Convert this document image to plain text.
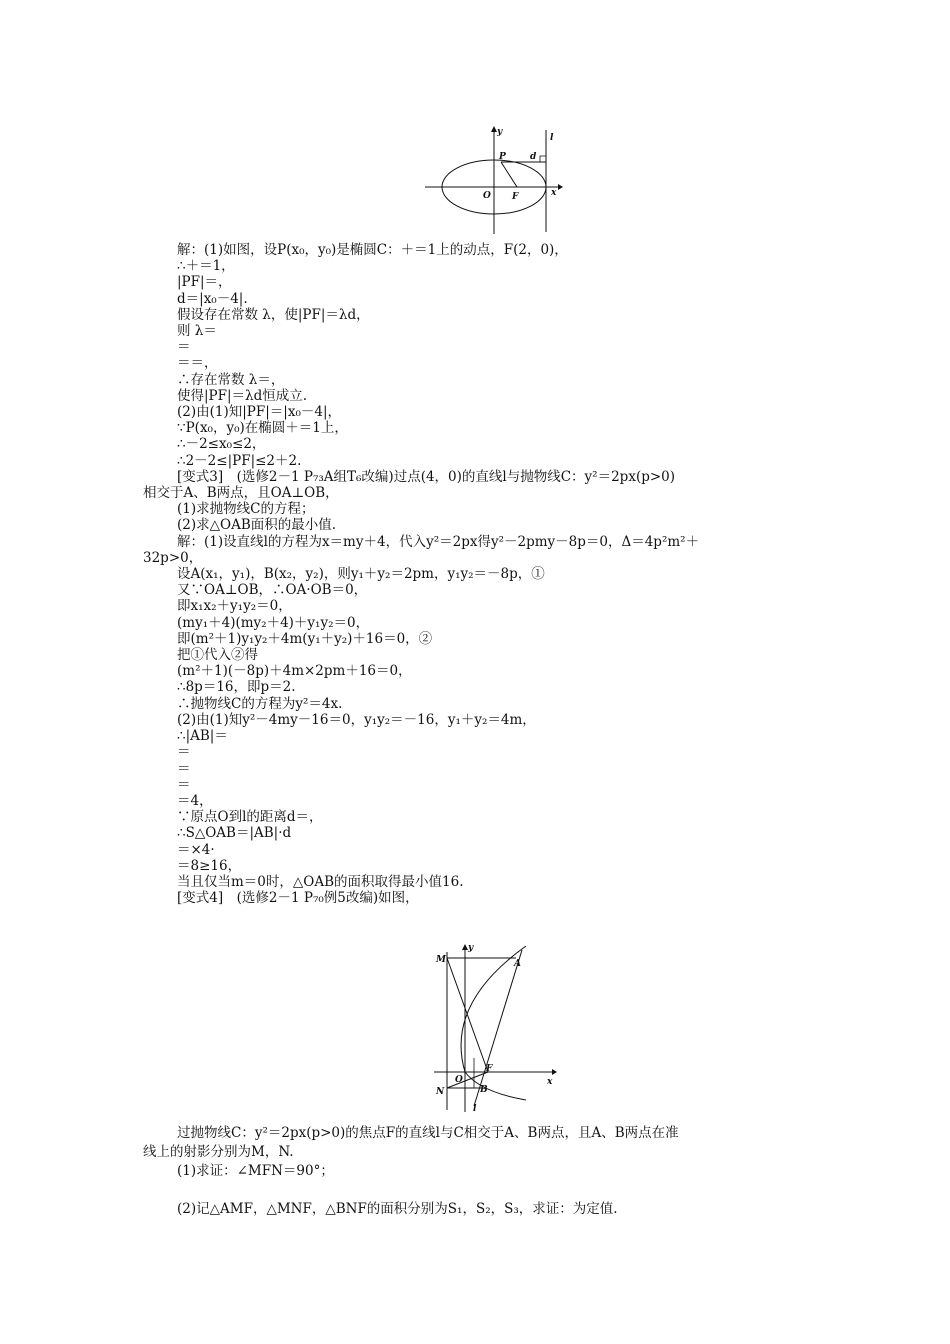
y
l
P	d
O F	x
解：(1)如图，设P(x₀，y₀)是椭圆C：＋＝1上的动点，F(2，0)，
∴＋＝1，
|PF|＝，
d＝|x₀－4|.
假设存在常数 λ，使|PF|＝λd，
则 λ＝
＝
＝＝，
∴存在常数 λ＝，
使得|PF|＝λd恒成立.
(2)由(1)知|PF|＝|x₀－4|，
∵P(x₀，y₀)在椭圆＋＝1上，
∴－2≤x₀≤2，
∴2－2≤|PF|≤2＋2.
[变式3]　(选修2－1 P₇₃A组T₆改编)过点(4，0)的直线l与抛物线C：y²＝2px(p>0)
相交于A、B两点，且OA⊥OB，
(1)求抛物线C的方程；
(2)求△OAB面积的最小值.
解：(1)设直线l的方程为x＝my＋4，代入y²＝2px得y²－2pmy－8p＝0，Δ＝4p²m²＋
32p>0，
设A(x₁，y₁)，B(x₂，y₂)，则y₁＋y₂＝2pm，y₁y₂＝－8p，①
又∵OA⊥OB，∴OA·OB＝0，
即x₁x₂＋y₁y₂＝0，
(my₁＋4)(my₂＋4)＋y₁y₂＝0，
即(m²＋1)y₁y₂＋4m(y₁＋y₂)＋16＝0，②
把①代入②得
(m²＋1)(－8p)＋4m×2pm＋16＝0，
∴8p＝16，即p＝2.
∴抛物线C的方程为y²＝4x.
(2)由(1)知y²－4my－16＝0，y₁y₂＝－16，y₁＋y₂＝4m，
∴|AB|＝
＝
＝
＝
＝4，
∵原点O到l的距离d＝，
∴S△OAB＝|AB|·d
＝×4·
＝8≥16，
当且仅当m＝0时，△OAB的面积取得最小值16.
[变式4]　(选修2－1 P₇₀例5改编)如图，
y
M	A
O
F
x
N	B
l
过抛物线C：y²＝2px(p>0)的焦点F的直线l与C相交于A、B两点，且A、B两点在准
线上的射影分别为M，N.
(1)求证：∠MFN＝90°；

(2)记△AMF，△MNF，△BNF的面积分别为S₁，S₂，S₃，求证：为定值.
